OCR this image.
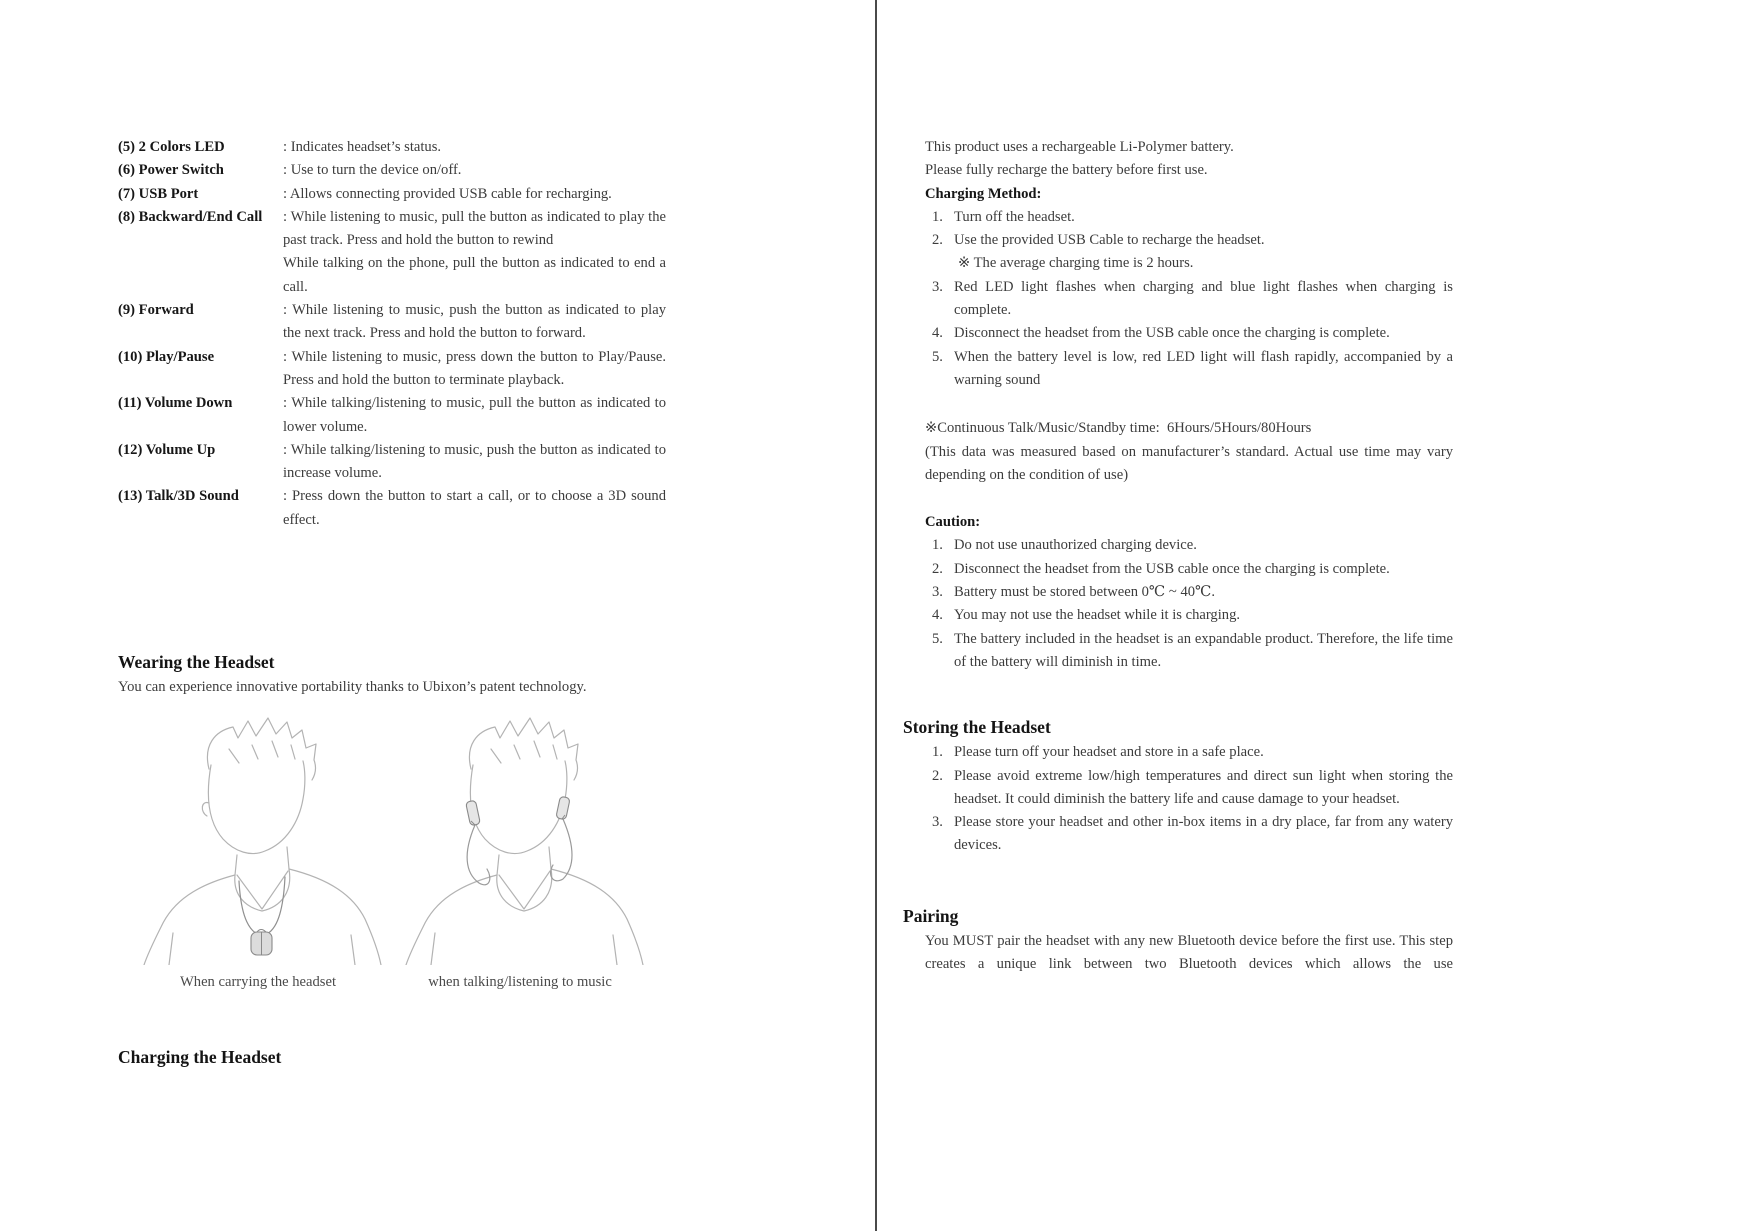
(5) 2 Colors LED	: Indicates headset’s status.
(6) Power Switch	: Use to turn the device on/off.
(7) USB Port	: Allows connecting provided USB cable for recharging.
(8) Backward/End Call	: While listening to music, pull the button as indicated to play the past track. Press and hold the button to rewind
While talking on the phone, pull the button as indicated to end a call.
(9) Forward	: While listening to music, push the button as indicated to play the next track. Press and hold the button to forward.
(10) Play/Pause	: While listening to music, press down the button to Play/Pause. Press and hold the button to terminate playback.
(11) Volume Down	: While talking/listening to music, pull the button as indicated to lower volume.
(12) Volume Up	: While talking/listening to music, push the button as indicated to increase volume.
(13) Talk/3D Sound	: Press down the button to start a call, or to choose a 3D sound effect.
Wearing the Headset
You can experience innovative portability thanks to Ubixon’s patent technology.
When carrying the headset	when talking/listening to music
Charging the Headset
This product uses a rechargeable Li-Polymer battery.
Please fully recharge the battery before first use.
Charging Method:
Turn off the headset.
Use the provided USB Cable to recharge the headset.
※ The average charging time is 2 hours.
Red LED light flashes when charging and blue light flashes when charging is complete.
Disconnect the headset from the USB cable once the charging is complete.
When the battery level is low, red LED light will flash rapidly, accompanied by a warning sound
※Continuous Talk/Music/Standby time:  6Hours/5Hours/80Hours
(This data was measured based on manufacturer’s standard. Actual use time may vary depending on the condition of use)
Caution:
Do not use unauthorized charging device.
Disconnect the headset from the USB cable once the charging is complete.
Battery must be stored between 0℃ ~ 40℃.
You may not use the headset while it is charging.
The battery included in the headset is an expandable product. Therefore, the life time of the battery will diminish in time.
Storing the Headset
Please turn off your headset and store in a safe place.
Please avoid extreme low/high temperatures and direct sun light when storing the headset. It could diminish the battery life and cause damage to your headset.
Please store your headset and other in-box items in a dry place, far from any watery devices.
Pairing
You MUST pair the headset with any new Bluetooth device before the first use. This step creates a unique link between two Bluetooth devices which allows the use
